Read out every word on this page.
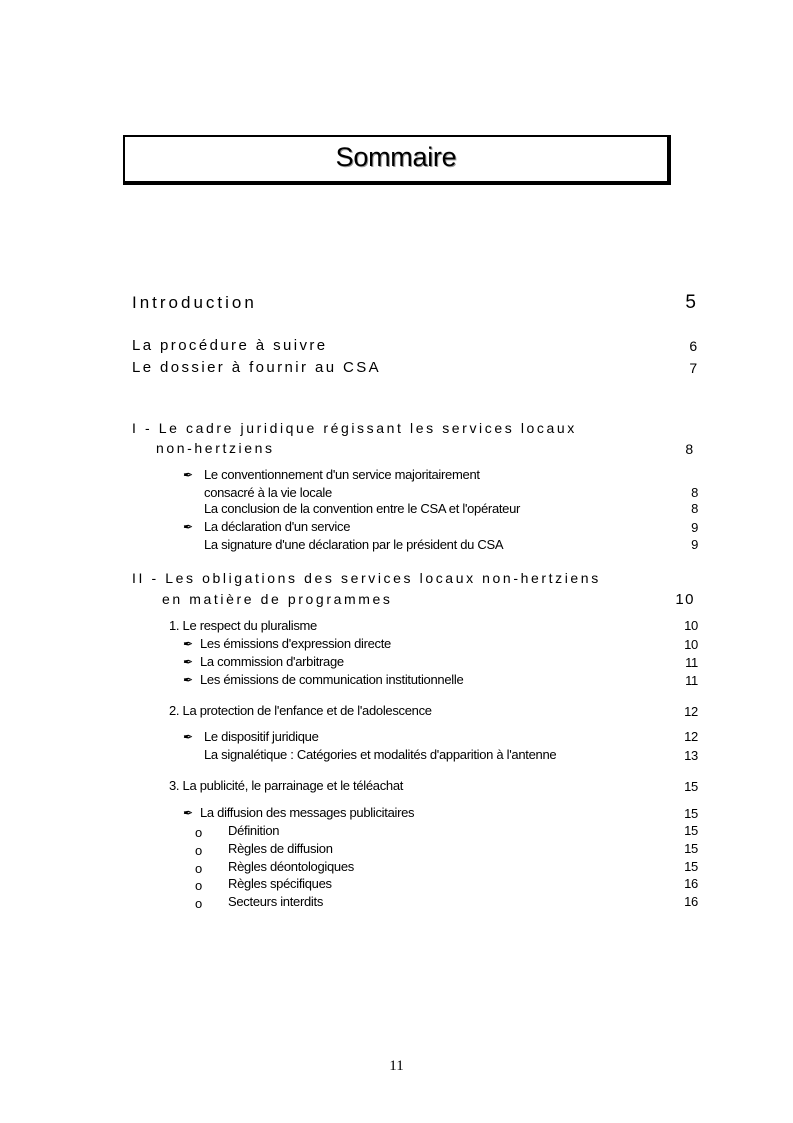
Sommaire
Introduction	5
La procédure à suivre	6
Le dossier à fournir au CSA	7
I - Le cadre juridique régissant les services locaux
non-hertziens	8
✒ Le conventionnement d'un service majoritairement
consacré à la vie locale	8
La conclusion de la convention entre le CSA et l'opérateur	8
✒ La déclaration d'un service	9
La signature d'une déclaration par le président du CSA	9
II - Les obligations des services locaux non-hertziens
en matière de programmes	10
1. Le respect du pluralisme	10
✒ Les émissions d'expression directe	10
✒ La commission d'arbitrage	11
✒ Les émissions de communication institutionnelle	11
2. La protection de l'enfance et de l'adolescence	12
✒ Le dispositif juridique	12
La signalétique : Catégories et modalités d'apparition à l'antenne	13
3. La publicité, le parrainage et le téléachat	15
✒ La diffusion des messages publicitaires	15
o Définition	15
o Règles de diffusion	15
o Règles déontologiques	15
o Règles spécifiques	16
o Secteurs interdits	16
11
